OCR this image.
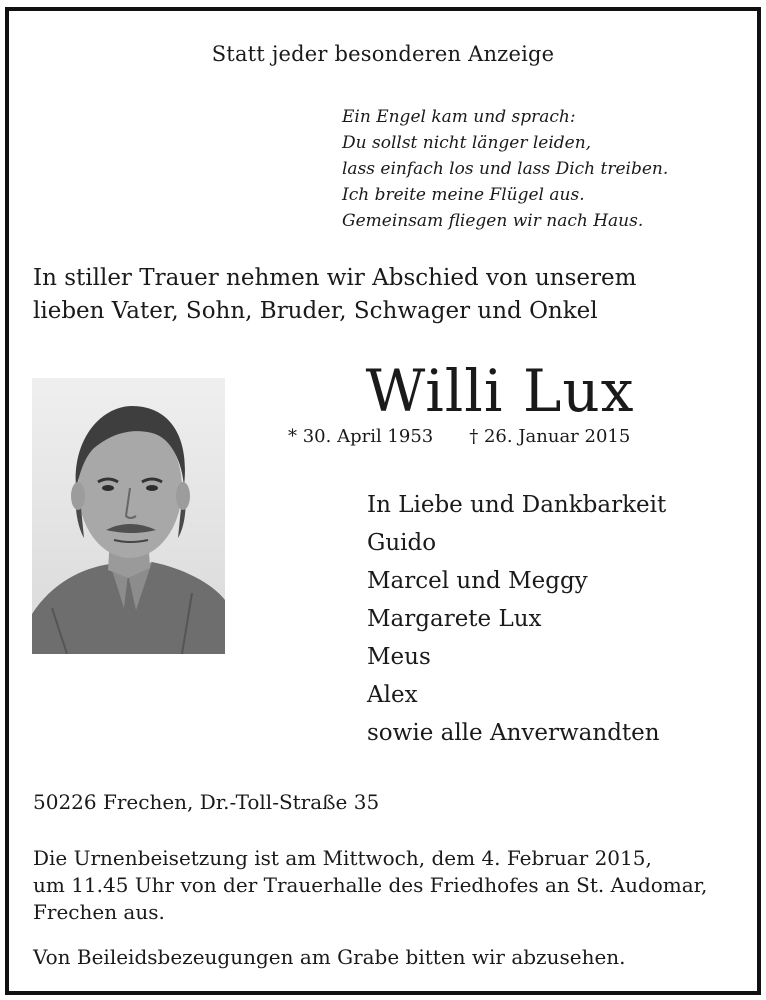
Statt jeder besonderen Anzeige
Ein Engel kam und sprach:
Du sollst nicht länger leiden,
lass einfach los und lass Dich treiben.
Ich breite meine Flügel aus.
Gemeinsam fliegen wir nach Haus.
In stiller Trauer nehmen wir Abschied von unserem
lieben Vater, Sohn, Bruder, Schwager und Onkel
Willi Lux
* 30. April 1953 † 26. Januar 2015
In Liebe und Dankbarkeit
Guido
Marcel und Meggy
Margarete Lux
Meus
Alex
sowie alle Anverwandten
50226 Frechen, Dr.-Toll-Straße 35
Die Urnenbeisetzung ist am Mittwoch, dem 4. Februar 2015,
um 11.45 Uhr von der Trauerhalle des Friedhofes an St. Audomar,
Frechen aus.
Von Beileidsbezeugungen am Grabe bitten wir abzusehen.
